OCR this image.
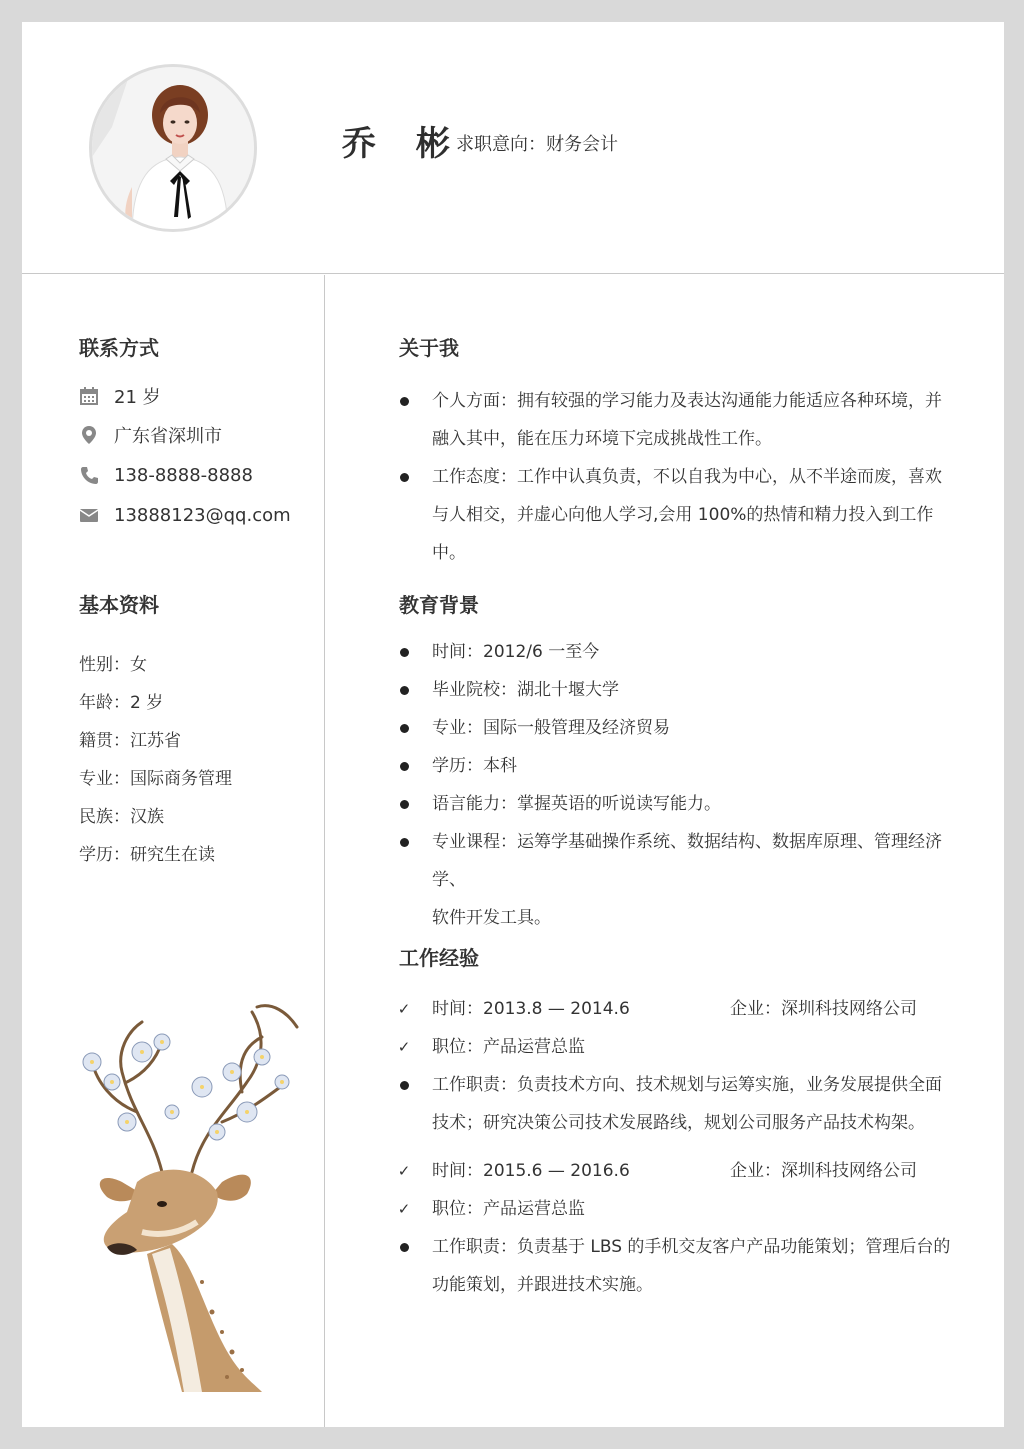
乔 彬
求职意向：财务会计
联系方式
21 岁
广东省深圳市
138-8888-8888
13888123@qq.com
基本资料
性别：女
年龄：2 岁
籍贯：江苏省
专业：国际商务管理
民族：汉族
学历：研究生在读
关于我
个人方面：拥有较强的学习能力及表达沟通能力能适应各种环境，并
融入其中，能在压力环境下完成挑战性工作。
工作态度：工作中认真负责，不以自我为中心，从不半途而废，喜欢
与人相交，并虚心向他人学习,会用 100%的热情和精力投入到工作中。
教育背景
时间：2012/6 一至今
毕业院校：湖北十堰大学
专业：国际一般管理及经济贸易
学历：本科
语言能力：掌握英语的听说读写能力。
专业课程：运筹学基础操作系统、数据结构、数据库原理、管理经济学、
软件开发工具。
工作经验
✓ 时间：2013.8 — 2014.6	企业：深圳科技网络公司
✓ 职位：产品运营总监
工作职责：负责技术方向、技术规划与运筹实施，业务发展提供全面
技术；研究决策公司技术发展路线，规划公司服务产品技术构架。
✓ 时间：2015.6 — 2016.6	企业：深圳科技网络公司
✓ 职位：产品运营总监
工作职责：负责基于 LBS 的手机交友客户产品功能策划；管理后台的
功能策划，并跟进技术实施。
